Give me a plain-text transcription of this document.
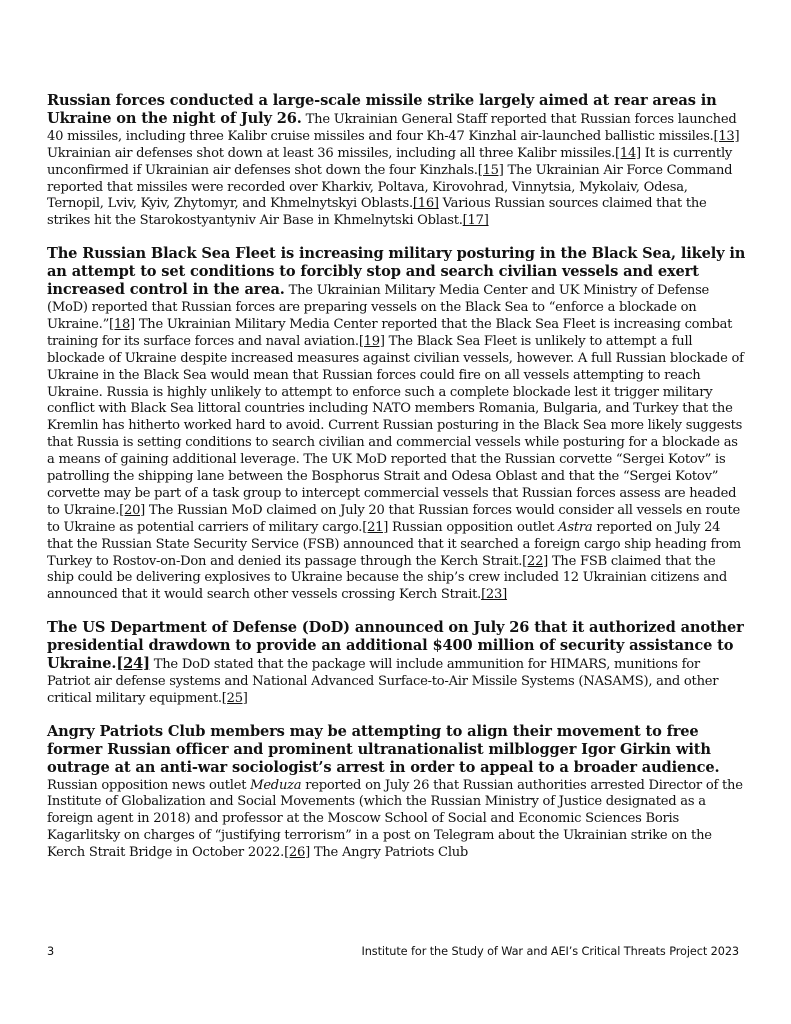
Russian forces conducted a large-scale missile strike largely aimed at rear areas in Ukraine on the night of July 26. The Ukrainian General Staff reported that Russian forces launched 40 missiles, including three Kalibr cruise missiles and four Kh-47 Kinzhal air-launched ballistic missiles.[13] Ukrainian air defenses shot down at least 36 missiles, including all three Kalibr missiles.[14] It is currently unconfirmed if Ukrainian air defenses shot down the four Kinzhals.[15] The Ukrainian Air Force Command reported that missiles were recorded over Kharkiv, Poltava, Kirovohrad, Vinnytsia, Mykolaiv, Odesa, Ternopil, Lviv, Kyiv, Zhytomyr, and Khmelnytskyi Oblasts.[16] Various Russian sources claimed that the strikes hit the Starokostyantyniv Air Base in Khmelnytski Oblast.[17]

The Russian Black Sea Fleet is increasing military posturing in the Black Sea, likely in an attempt to set conditions to forcibly stop and search civilian vessels and exert increased control in the area. The Ukrainian Military Media Center and UK Ministry of Defense (MoD) reported that Russian forces are preparing vessels on the Black Sea to “enforce a blockade on Ukraine.”[18] The Ukrainian Military Media Center reported that the Black Sea Fleet is increasing combat training for its surface forces and naval aviation.[19] The Black Sea Fleet is unlikely to attempt a full blockade of Ukraine despite increased measures against civilian vessels, however. A full Russian blockade of Ukraine in the Black Sea would mean that Russian forces could fire on all vessels attempting to reach Ukraine. Russia is highly unlikely to attempt to enforce such a complete blockade lest it trigger military conflict with Black Sea littoral countries including NATO members Romania, Bulgaria, and Turkey that the Kremlin has hitherto worked hard to avoid. Current Russian posturing in the Black Sea more likely suggests that Russia is setting conditions to search civilian and commercial vessels while posturing for a blockade as a means of gaining additional leverage. The UK MoD reported that the Russian corvette “Sergei Kotov” is patrolling the shipping lane between the Bosphorus Strait and Odesa Oblast and that the “Sergei Kotov” corvette may be part of a task group to intercept commercial vessels that Russian forces assess are headed to Ukraine.[20] The Russian MoD claimed on July 20 that Russian forces would consider all vessels en route to Ukraine as potential carriers of military cargo.[21] Russian opposition outlet Astra reported on July 24 that the Russian State Security Service (FSB) announced that it searched a foreign cargo ship heading from Turkey to Rostov-on-Don and denied its passage through the Kerch Strait.[22] The FSB claimed that the ship could be delivering explosives to Ukraine because the ship’s crew included 12 Ukrainian citizens and announced that it would search other vessels crossing Kerch Strait.[23]

The US Department of Defense (DoD) announced on July 26 that it authorized another presidential drawdown to provide an additional $400 million of security assistance to Ukraine.[24] The DoD stated that the package will include ammunition for HIMARS, munitions for Patriot air defense systems and National Advanced Surface-to-Air Missile Systems (NASAMS), and other critical military equipment.[25]

Angry Patriots Club members may be attempting to align their movement to free former Russian officer and prominent ultranationalist milblogger Igor Girkin with outrage at an anti-war sociologist’s arrest in order to appeal to a broader audience. Russian opposition news outlet Meduza reported on July 26 that Russian authorities arrested Director of the Institute of Globalization and Social Movements (which the Russian Ministry of Justice designated as a foreign agent in 2018) and professor at the Moscow School of Social and Economic Sciences Boris Kagarlitsky on charges of “justifying terrorism” in a post on Telegram about the Ukrainian strike on the Kerch Strait Bridge in October 2022.[26] The Angry Patriots Club

3	Institute for the Study of War and AEI’s Critical Threats Project 2023
